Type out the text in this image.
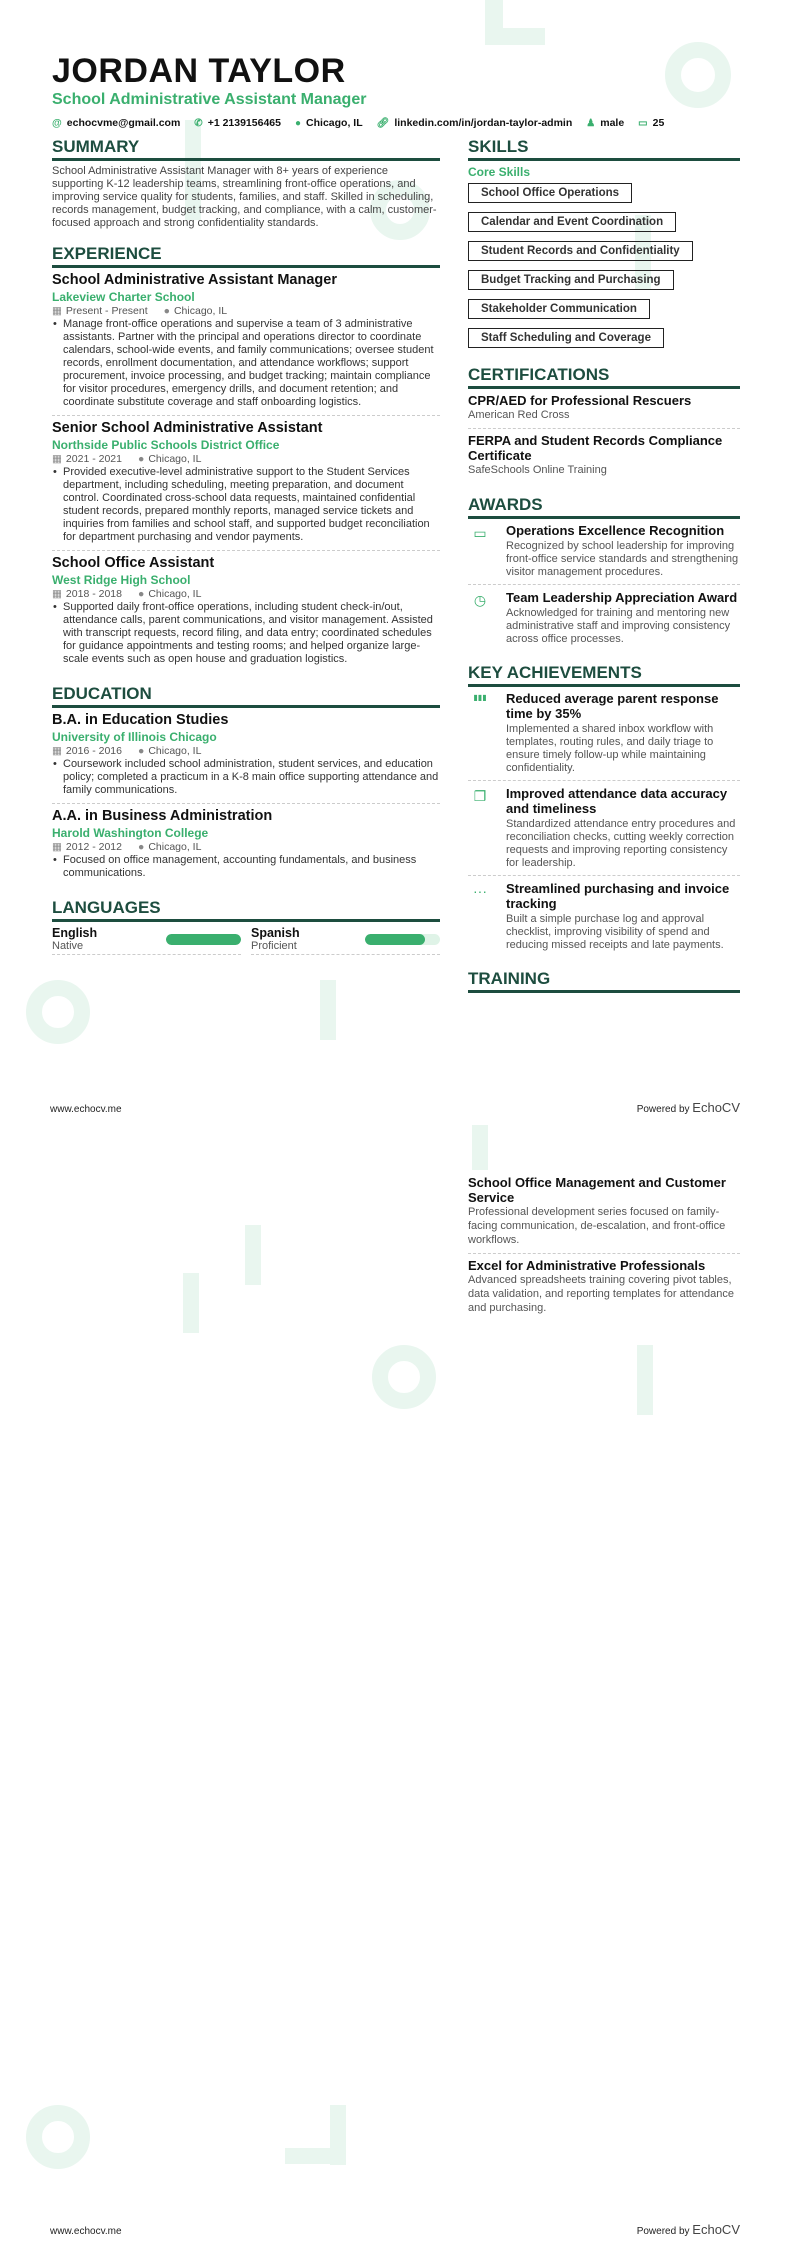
JORDAN TAYLOR
School Administrative Assistant Manager
@ echocvme@gmail.com ✆ +1 2139156465 ● Chicago, IL 🔗︎ linkedin.com/in/jordan-taylor-admin ♟ male ▭ 25
SUMMARY

School Administrative Assistant Manager with 8+ years of experience supporting K-12 leadership teams, streamlining front-office operations, and improving service quality for students, families, and staff. Skilled in scheduling, records management, budget tracking, and compliance, with a calm, customer-focused approach and strong confidentiality standards.

EXPERIENCE
School Administrative Assistant Manager
Lakeview Charter School
▦ Present - Present ● Chicago, IL
• Manage front-office operations and supervise a team of 3 administrative assistants. Partner with the principal and operations director to coordinate calendars, school-wide events, and family communications; oversee student records, enrollment documentation, and attendance workflows; support procurement, invoice processing, and budget tracking; maintain compliance for visitor procedures, emergency drills, and document retention; and coordinate substitute coverage and staff onboarding logistics.
Senior School Administrative Assistant
Northside Public Schools District Office
▦ 2021 - 2021 ● Chicago, IL
• Provided executive-level administrative support to the Student Services department, including scheduling, meeting preparation, and document control. Coordinated cross-school data requests, maintained confidential student records, prepared monthly reports, managed service tickets and inquiries from families and school staff, and supported budget reconciliation for department purchasing and vendor payments.
School Office Assistant
West Ridge High School
▦ 2018 - 2018 ● Chicago, IL
• Supported daily front-office operations, including student check-in/out, attendance calls, parent communications, and visitor management. Assisted with transcript requests, record filing, and data entry; coordinated schedules for guidance appointments and testing rooms; and helped organize large-scale events such as open house and graduation logistics.
EDUCATION
B.A. in Education Studies
University of Illinois Chicago
▦ 2016 - 2016 ● Chicago, IL
• Coursework included school administration, student services, and education policy; completed a practicum in a K-8 main office supporting attendance and family communications.
A.A. in Business Administration
Harold Washington College
▦ 2012 - 2012 ● Chicago, IL
• Focused on office management, accounting fundamentals, and business communications.
LANGUAGES
English
Native
Spanish
Proficient
SKILLS
Core Skills
School Office Operations
Calendar and Event Coordination
Student Records and Confidentiality
Budget Tracking and Purchasing
Stakeholder Communication
Staff Scheduling and Coverage
CERTIFICATIONS
CPR/AED for Professional Rescuers
American Red Cross
FERPA and Student Records Compliance Certificate
SafeSchools Online Training
AWARDS
▭	Operations Excellence Recognition
Recognized by school leadership for improving front-office service standards and strengthening visitor management procedures.
◷	Team Leadership Appreciation Award
Acknowledged for training and mentoring new administrative staff and improving consistency across office processes.
KEY ACHIEVEMENTS
▮▮▮	Reduced average parent response time by 35%
Implemented a shared inbox workflow with templates, routing rules, and daily triage to ensure timely follow-up while maintaining confidentiality.
❐	Improved attendance data accuracy and timeliness
Standardized attendance entry procedures and reconciliation checks, cutting weekly correction requests and improving reporting consistency for leadership.
···	Streamlined purchasing and invoice tracking
Built a simple purchase log and approval checklist, improving visibility of spend and reducing missed receipts and late payments.
TRAINING
www.echocv.me	Powered by EchoCV
School Office Management and Customer Service
Professional development series focused on family-facing communication, de-escalation, and front-office workflows.
Excel for Administrative Professionals
Advanced spreadsheets training covering pivot tables, data validation, and reporting templates for attendance and purchasing.
www.echocv.me	Powered by EchoCV
